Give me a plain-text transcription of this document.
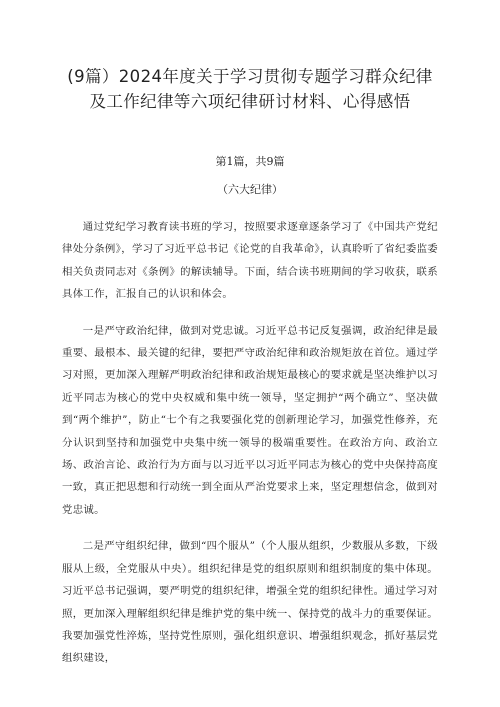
(9篇）2024年度关于学习贯彻专题学习群众纪律
及工作纪律等六项纪律研讨材料、心得感悟

第1篇，共9篇

（六大纪律）

通过党纪学习教育读书班的学习，按照要求逐章逐条学习了《中国共产党纪律处分条例》，学习了习近平总书记《论党的自我革命》，认真聆听了省纪委监委相关负责同志对《条例》的解读辅导。下面，结合读书班期间的学习收获，联系具体工作，汇报自己的认识和体会。

一是严守政治纪律，做到对党忠诚。习近平总书记反复强调，政治纪律是最重要、最根本、最关键的纪律，要把严守政治纪律和政治规矩放在首位。通过学习对照，更加深入理解严明政治纪律和政治规矩最核心的要求就是坚决维护以习近平同志为核心的党中央权威和集中统一领导，坚定拥护“两个确立”、坚决做到“两个维护”，防止“七个有之我要强化党的创新理论学习，加强党性修养，充分认识到坚持和加强党中央集中统一领导的极端重要性。在政治方向、政治立场、政治言论、政治行为方面与以习近平以习近平同志为核心的党中央保持高度一致，真正把思想和行动统一到全面从严治党要求上来，坚定理想信念，做到对党忠诚。

二是严守组织纪律，做到“四个服从”（个人服从组织，少数服从多数，下级服从上级，全党服从中央）。组织纪律是党的组织原则和组织制度的集中体现。习近平总书记强调，要严明党的组织纪律，增强全党的组织纪律性。通过学习对照，更加深入理解组织纪律是维护党的集中统一、保持党的战斗力的重要保证。我要加强党性淬炼，坚持党性原则，强化组织意识、增强组织观念，抓好基层党组织建设，
